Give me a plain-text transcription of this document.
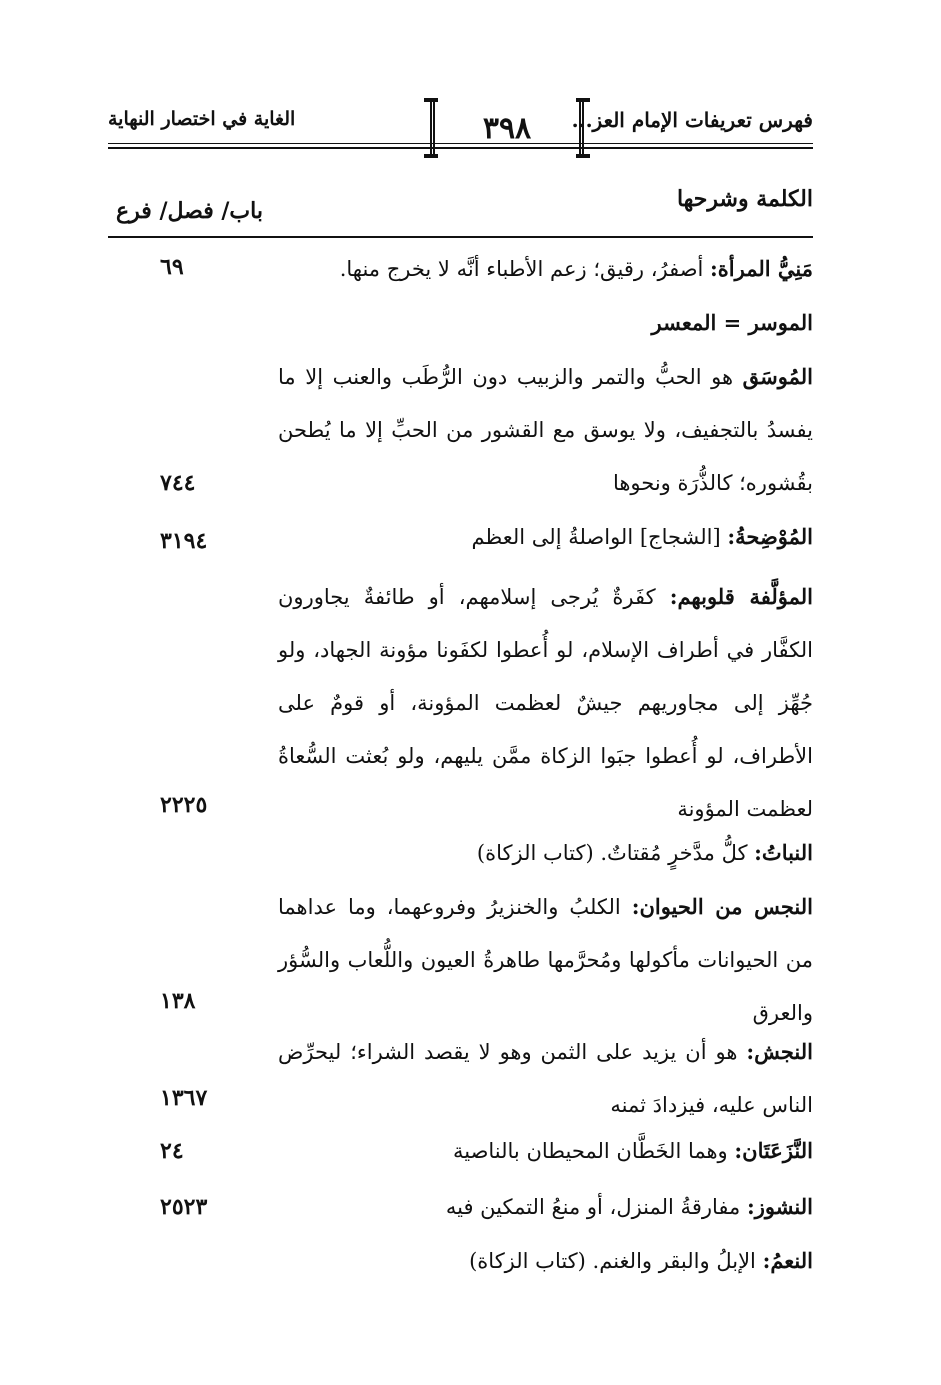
فهرس تعريفات الإمام العز...
٣٩٨
الغاية في اختصار النهاية
الكلمة وشرحها
باب/ فصل/ فرع
مَنِيُّ المرأة: أصفرُ، رقيق؛ زعم الأطباء أنَّه لا يخرج منها.
٦٩
الموسر = المعسر
المُوسَق هو الحبُّ والتمر والزبيب دون الرُّطَب والعنب إلا ما يفسدُ بالتجفيف، ولا يوسق مع القشور من الحبِّ إلا ما يُطحن بقُشوره؛ كالذُّرَة ونحوها
٧٤٤
المُوْضِحةُ: [الشجاج] الواصلةُ إلى العظم
٣١٩٤
المؤلَّفة قلوبهم: كفَرةٌ يُرجى إسلامهم، أو طائفةٌ يجاورون الكفَّار في أطراف الإسلام، لو أُعطوا لكفَونا مؤونة الجهاد، ولو جُهِّز إلى مجاوريهم جيشٌ لعظمت المؤونة، أو قومٌ على الأطراف، لو أُعطوا جبَوا الزكاة ممَّن يليهم، ولو بُعثت السُّعاةُ لعظمت المؤونة
٢٢٢٥
النباتُ: كلُّ مدَّخرٍ مُقتاتٌ. (كتاب الزكاة)
النجس من الحيوان: الكلبُ والخنزيرُ وفروعهما، وما عداهما من الحيوانات مأكولها ومُحرَّمها طاهرةُ العيون واللُّعاب والسُّؤر والعرق
١٣٨
النجش: هو أن يزيد على الثمن وهو لا يقصد الشراء؛ ليحرِّض الناس عليه، فيزدادَ ثمنه
١٣٦٧
النَّزَعَتَان: وهما الخَطَّان المحيطان بالناصية
٢٤
النشوز: مفارقةُ المنزل، أو منعُ التمكين فيه
٢٥٢٣
النعمُ: الإبلُ والبقر والغنم. (كتاب الزكاة)
